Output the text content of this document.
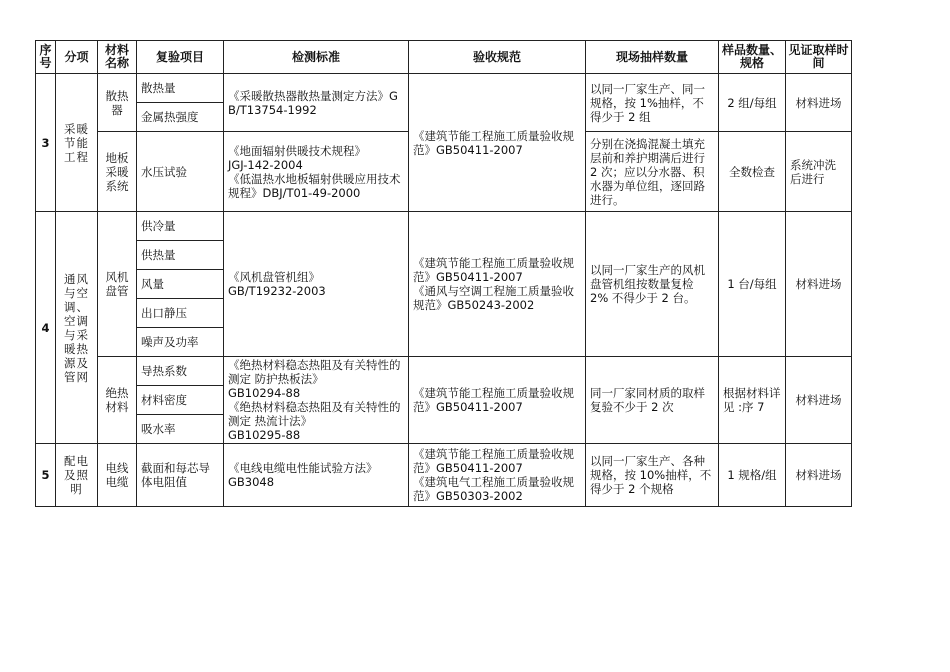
序号	分项	材料名称	复验项目	检测标准	验收规范	现场抽样数量	样品数量、规格	见证取样时间
3	采暖节能工程	散热器	散热量	《采暖散热器散热量测定方法》GB/T13754-1992	《建筑节能工程施工质量验收规范》GB50411-2007	以同一厂家生产、同一规格，按 1%抽样，不得少于 2 组	2 组/每组	材料进场
			金属热强度					
		地板采暖系统	水压试验	《地面辐射供暖技术规程》
JGJ-142-2004
《低温热水地板辐射供暖应用技术规程》DBJ/T01-49-2000		分别在浇捣混凝土填充层前和养护期满后进行 2 次；应以分水器、积水器为单位组，逐回路进行。	全数检查	系统冲洗后进行
4	通风与空调、空调与采暖热源及管网	风机盘管	供冷量	《风机盘管机组》
GB/T19232-2003	《建筑节能工程施工质量验收规范》GB50411-2007
《通风与空调工程施工质量验收规范》GB50243-2002	以同一厂家生产的风机盘管机组按数量复检 2% 不得少于 2 台。	1 台/每组	材料进场
			供热量					
			风量					
			出口静压					
			噪声及功率					
		绝热材料	导热系数	《绝热材料稳态热阻及有关特性的测定 防护热板法》
GB10294-88
《绝热材料稳态热阻及有关特性的测定 热流计法》
GB10295-88	《建筑节能工程施工质量验收规范》GB50411-2007	同一厂家同材质的取样复验不少于 2 次	根据材料详见 :序 7	材料进场
			材料密度					
			吸水率					
5	配电及照明	电线电缆	截面和每芯导体电阻值	《电线电缆电性能试验方法》
GB3048	《建筑节能工程施工质量验收规范》GB50411-2007
《建筑电气工程施工质量验收规范》GB50303-2002	以同一厂家生产、各种规格，按 10%抽样，不得少于 2 个规格	1 规格/组	材料进场
